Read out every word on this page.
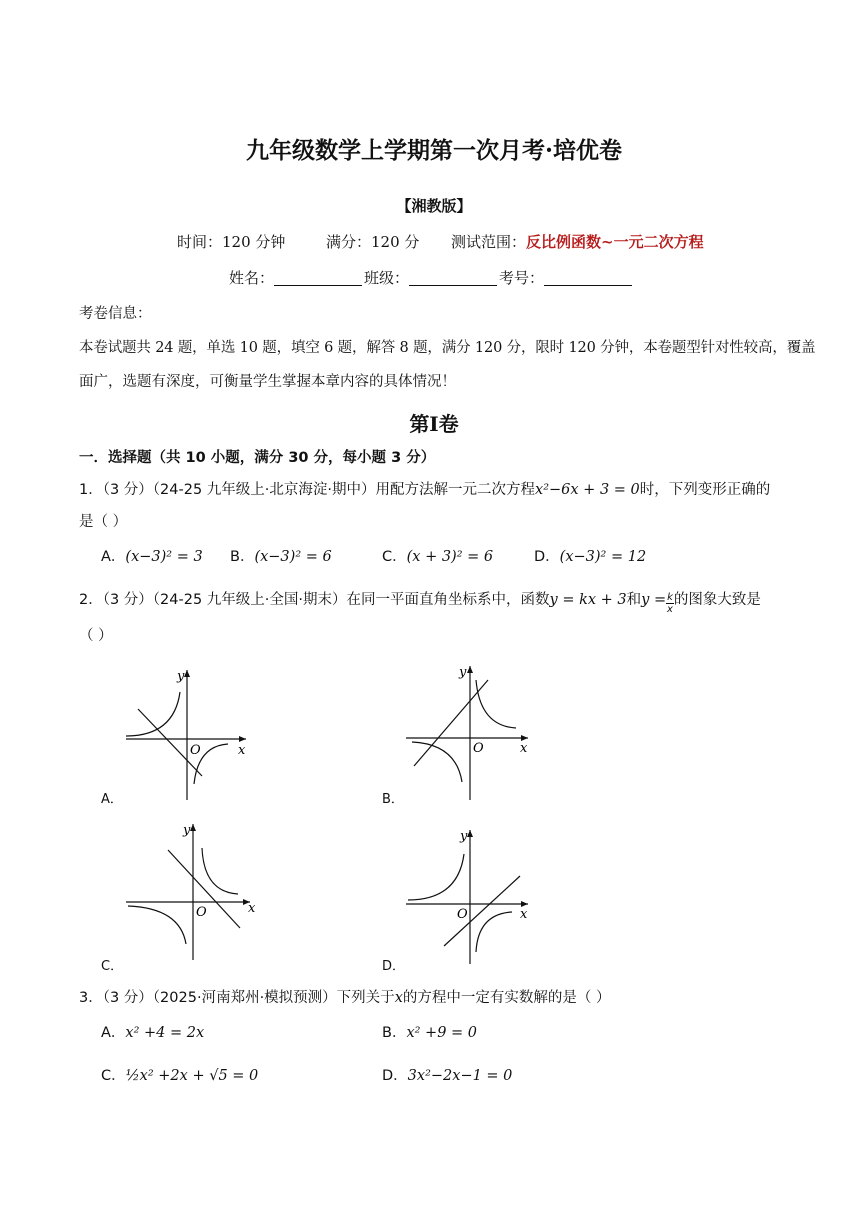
九年级数学上学期第一次月考·培优卷
【湘教版】
时间：120 分钟	满分：120 分 测试范围：反比例函数~一元二次方程
姓名：	班级：	考号：
考卷信息：
本卷试题共 24 题，单选 10 题，填空 6 题，解答 8 题，满分 120 分，限时 120 分钟，本卷题型针对性较高，覆盖
面广，选题有深度，可衡量学生掌握本章内容的具体情况！
第I卷
一．选择题（共 10 小题，满分 30 分，每小题 3 分）
1．（3 分）（24-25 九年级上·北京海淀·期中）用配方法解一元二次方程x²−6x + 3 = 0时，下列变形正确的
是（ ）
A．(x−3)² = 3 B．(x−3)² = 6	C．(x + 3)² = 6	D．(x−3)² = 12
2．（3 分）（24-25 九年级上·全国·期末）在同一平面直角坐标系中，函数y = kx + 3和$y = \frac{k}{x}$ 的图象大致是
（ ）
y
x
O
A．
y
x
O
B．
y
x
O
C．
y
x
O
D．
3．（3 分）（2025·河南郑州·模拟预测）下列关于x的方程中一定有实数解的是（ ）
A．x² +4 = 2x	B．x² +9 = 0
C．½x² +2x + √5 = 0	D．3x²−2x−1 = 0
